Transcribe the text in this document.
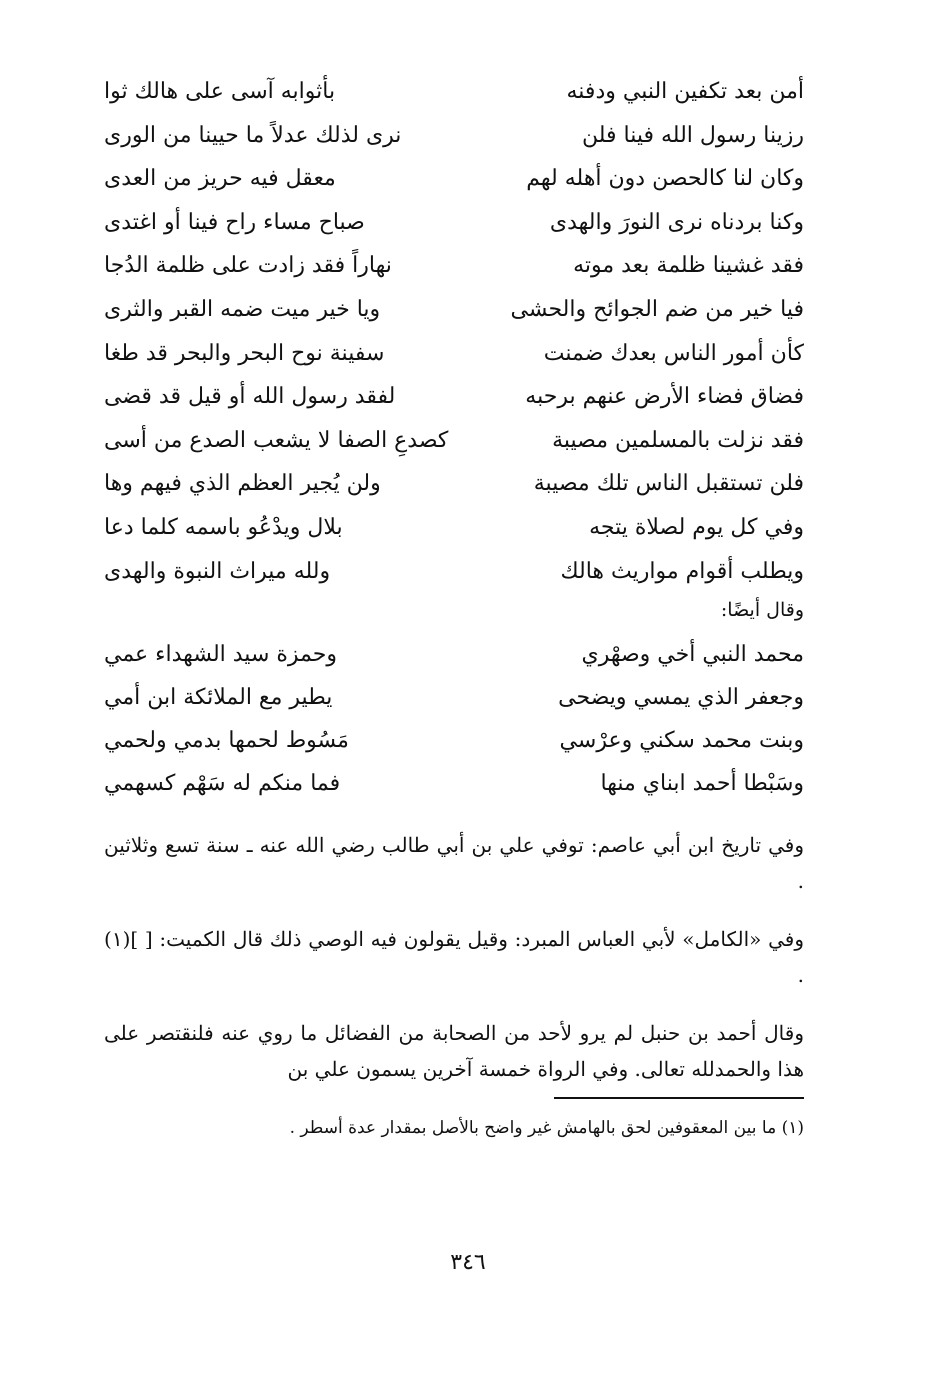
أمن بعد تكفين النبي ودفنه
بأثوابه آسى على هالك ثوا
رزينا رسول الله فينا فلن
نرى لذلك عدلاً ما حيينا من الورى
وكان لنا كالحصن دون أهله لهم
معقل فيه حريز من العدى
وكنا بردناه نرى النورَ والهدى
صباح مساء راح فينا أو اغتدى
فقد غشينا ظلمة بعد موته
نهاراً فقد زادت على ظلمة الدُجا
فيا خير من ضم الجوائح والحشى
ويا خير ميت ضمه القبر والثرى
كأن أمور الناس بعدك ضمنت
سفينة نوح البحر والبحر قد طغا
فضاق فضاء الأرض عنهم برحبه
لفقد رسول الله أو قيل قد قضى
فقد نزلت بالمسلمين مصيبة
كصدعِ الصفا لا يشعب الصدع من أسى
فلن تستقبل الناس تلك مصيبة
ولن يُجير العظم الذي فيهم وها
وفي كل يوم لصلاة يتجه
بلال ويدْعُو باسمه كلما دعا
ويطلب أقوام مواريث هالك
ولله ميراث النبوة والهدى
وقال أيضًا:
محمد النبي أخي وصهْري
وحمزة سيد الشهداء عمي
وجعفر الذي يمسي ويضحى
يطير مع الملائكة ابن أمي
وبنت محمد سكني وعرْسي
مَسُوط لحمها بدمي ولحمي
وسَبْطا أحمد ابناي منها
فما منكم له سَهْم كسهمي

وفي تاريخ ابن أبي عاصم: توفي علي بن أبي طالب رضي الله عنه ـ سنة تسع وثلاثين .

وفي «الكامل» لأبي العباس المبرد: وقيل يقولون فيه الوصي ذلك قال الكميت: [ ](١) .

وقال أحمد بن حنبل لم يرو لأحد من الصحابة من الفضائل ما روي عنه فلنقتصر على هذا والحمدلله تعالى. وفي الرواة خمسة آخرين يسمون علي بن

(١) ما بين المعقوفين لحق بالهامش غير واضح بالأصل بمقدار عدة أسطر .
٣٤٦
